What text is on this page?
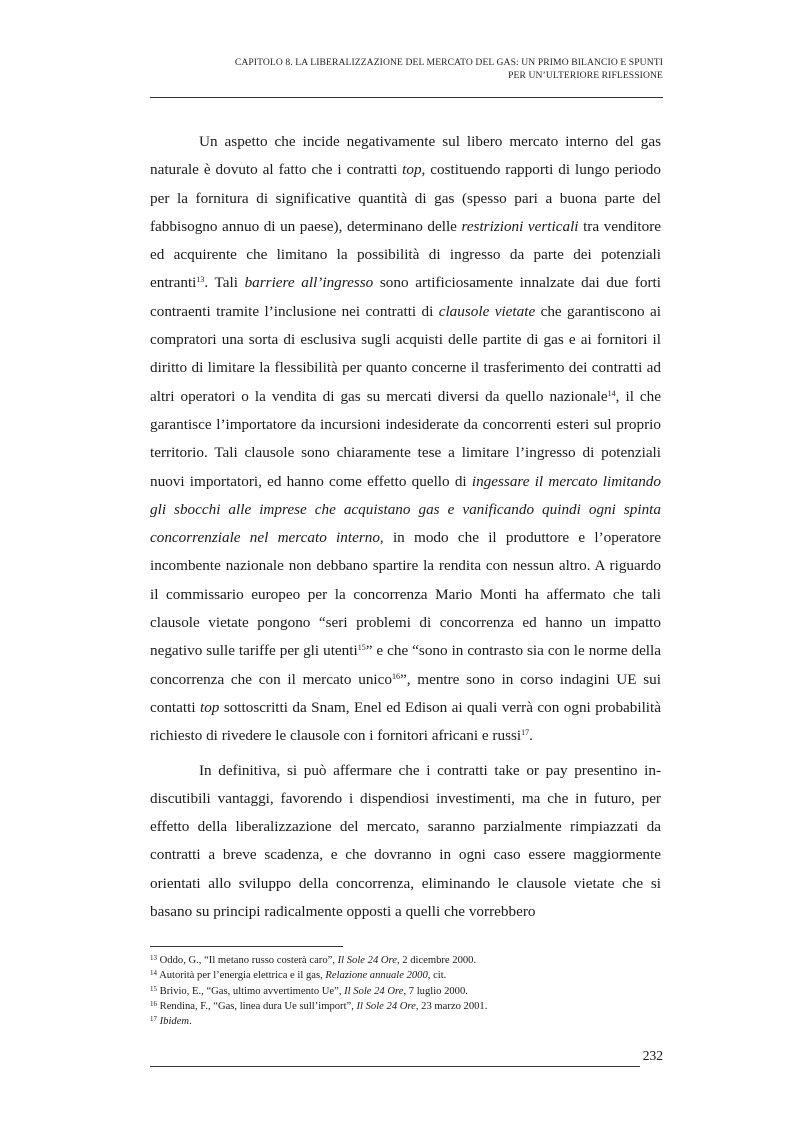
CAPITOLO 8. LA LIBERALIZZAZIONE DEL MERCATO DEL GAS: UN PRIMO BILANCIO E SPUNTI
PER UN’ULTERIORE RIFLESSIONE

Un aspetto che incide negativamente sul libero mercato interno del gas naturale è dovuto al fatto che i contratti top, costituendo rapporti di lungo periodo per la fornitura di significative quantità di gas (spesso pari a buona parte del fabbisogno annuo di un paese), determinano delle restrizioni verticali tra venditore ed acquirente che limitano la possibilità di ingresso da parte dei potenziali entranti$^{13}$. Tali barriere all’ingresso sono artificiosamente innalzate dai due forti contraenti tramite l’inclusione nei contratti di clausole vietate che garantiscono ai compratori una sorta di esclusiva sugli acquisti delle partite di gas e ai fornitori il diritto di limitare la flessibilità per quanto concerne il trasferimento dei contratti ad altri operatori o la vendita di gas su mercati diversi da quello nazionale$^{14}$, il che garantisce l’importatore da incursioni indesiderate da concorrenti esteri sul proprio territorio. Tali clausole sono chiaramente tese a limitare l’ingresso di potenziali nuovi importatori, ed hanno come effetto quello di ingessare il mercato limitando gli sbocchi alle imprese che acquistano gas e vanificando quindi ogni spinta concorrenziale nel mercato interno, in modo che il produttore e l’operatore incombente nazionale non debbano spartire la rendita con nessun altro. A riguardo il commissario europeo per la concorrenza Mario Monti ha affermato che tali clausole vietate pongono “seri problemi di concorrenza ed hanno un impatto negativo sulle tariffe per gli utenti$^{15}$” e che “sono in contrasto sia con le norme della concorrenza che con il mercato unico$^{16}$”, mentre sono in corso indagini UE sui contatti top sottoscritti da Snam, Enel ed Edison ai quali verrà con ogni probabilità richiesto di rivedere le clausole con i fornitori africani e russi$^{17}$.

In definitiva, si può affermare che i contratti take or pay presentino indiscutibili vantaggi, favorendo i dispendiosi investimenti, ma che in futuro, per effetto della liberalizzazione del mercato, saranno parzialmente rimpiazzati da contratti a breve scadenza, e che dovranno in ogni caso essere maggiormente orientati allo sviluppo della concorrenza, eliminando le clausole vietate che si basano su principi radicalmente opposti a quelli che vorrebbero

$^{13}$ Oddo, G., “Il metano russo costerà caro”, Il Sole 24 Ore, 2 dicembre 2000.
$^{14}$ Autorità per l’energia elettrica e il gas, Relazione annuale 2000, cit.
$^{15}$ Brivio, E., “Gas, ultimo avvertimento Ue”, Il Sole 24 Ore, 7 luglio 2000.
$^{16}$ Rendina, F., “Gas, linea dura Ue sull’import”, Il Sole 24 Ore, 23 marzo 2001.
$^{17}$ Ibidem.
232
